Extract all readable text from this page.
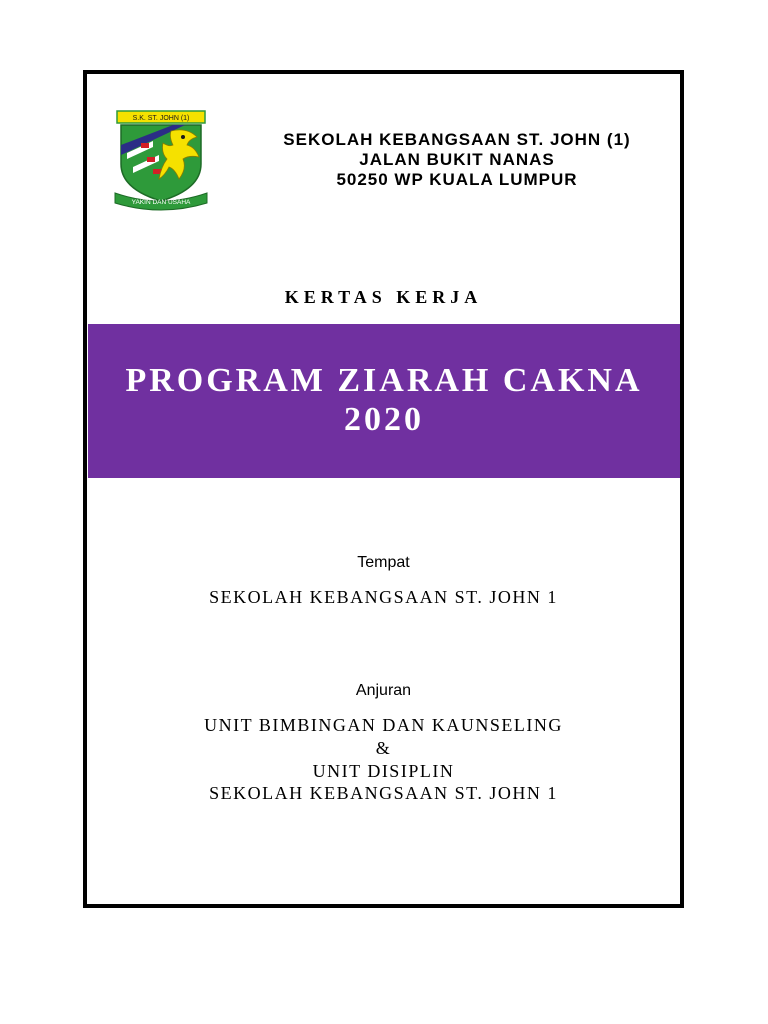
S.K. ST. JOHN (1)
YAKIN DAN USAHA
SEKOLAH KEBANGSAAN ST. JOHN (1)
JALAN BUKIT NANAS
50250 WP KUALA LUMPUR
KERTAS KERJA
PROGRAM ZIARAH CAKNA
2020
Tempat
SEKOLAH KEBANGSAAN ST. JOHN 1
Anjuran
UNIT BIMBINGAN DAN KAUNSELING
&
UNIT DISIPLIN
SEKOLAH KEBANGSAAN ST. JOHN 1
